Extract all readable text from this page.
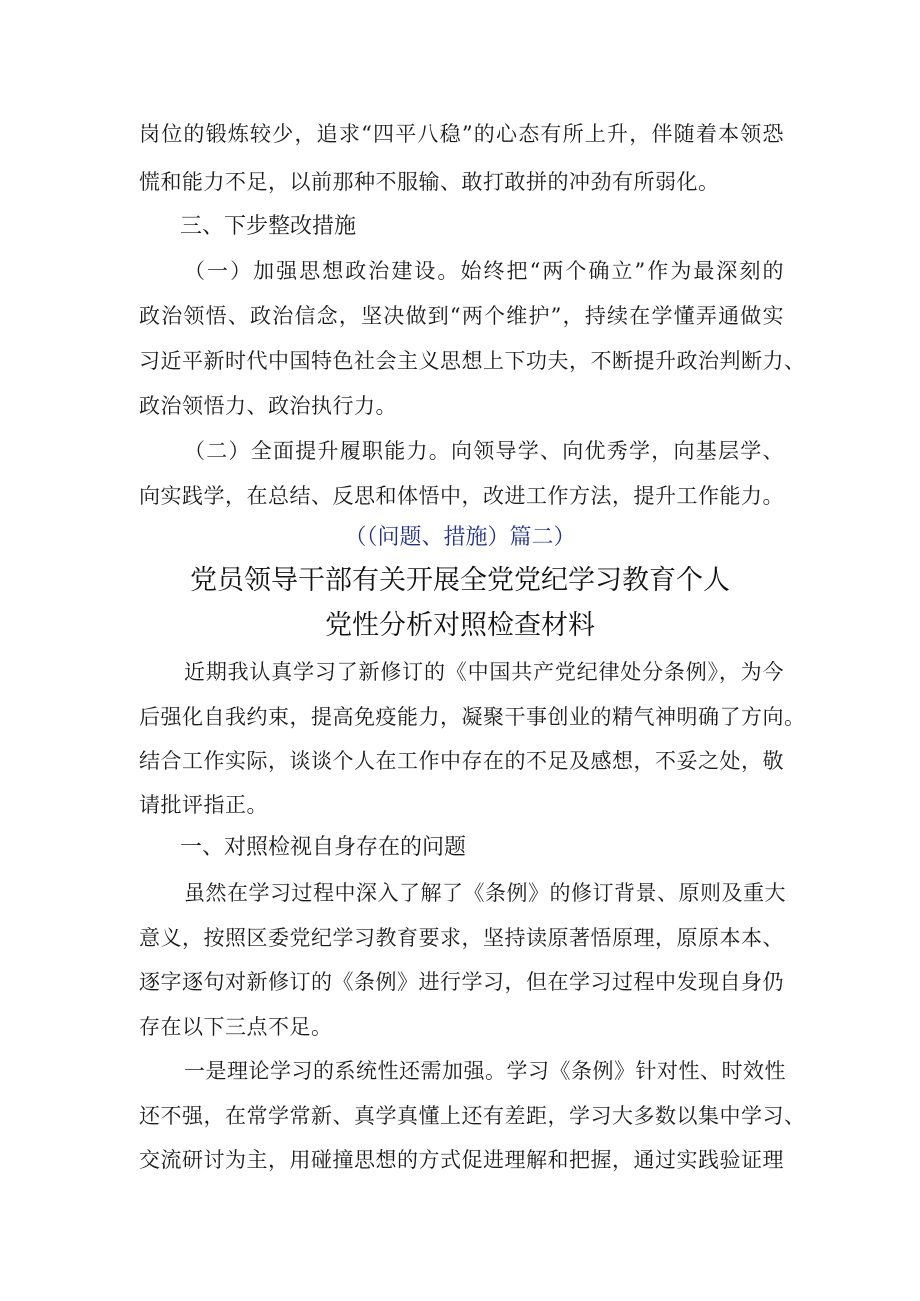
岗位的锻炼较少，追求“四平八稳”的心态有所上升，伴随着本领恐
慌和能力不足，以前那种不服输、敢打敢拼的冲劲有所弱化。
三、下步整改措施
（一）加强思想政治建设。始终把“两个确立”作为最深刻的
政治领悟、政治信念，坚决做到“两个维护”，持续在学懂弄通做实
习近平新时代中国特色社会主义思想上下功夫，不断提升政治判断力、
政治领悟力、政治执行力。
（二）全面提升履职能力。向领导学、向优秀学，向基层学、
向实践学，在总结、反思和体悟中，改进工作方法，提升工作能力。
（（问题、措施）篇二）
党员领导干部有关开展全党党纪学习教育个人
党性分析对照检查材料
近期我认真学习了新修订的《中国共产党纪律处分条例》，为今
后强化自我约束，提高免疫能力，凝聚干事创业的精气神明确了方向。
结合工作实际，谈谈个人在工作中存在的不足及感想，不妥之处，敬
请批评指正。
一、对照检视自身存在的问题
虽然在学习过程中深入了解了《条例》的修订背景、原则及重大
意义，按照区委党纪学习教育要求，坚持读原著悟原理，原原本本、
逐字逐句对新修订的《条例》进行学习，但在学习过程中发现自身仍
存在以下三点不足。
一是理论学习的系统性还需加强。学习《条例》针对性、时效性
还不强，在常学常新、真学真懂上还有差距，学习大多数以集中学习、
交流研讨为主，用碰撞思想的方式促进理解和把握，通过实践验证理
